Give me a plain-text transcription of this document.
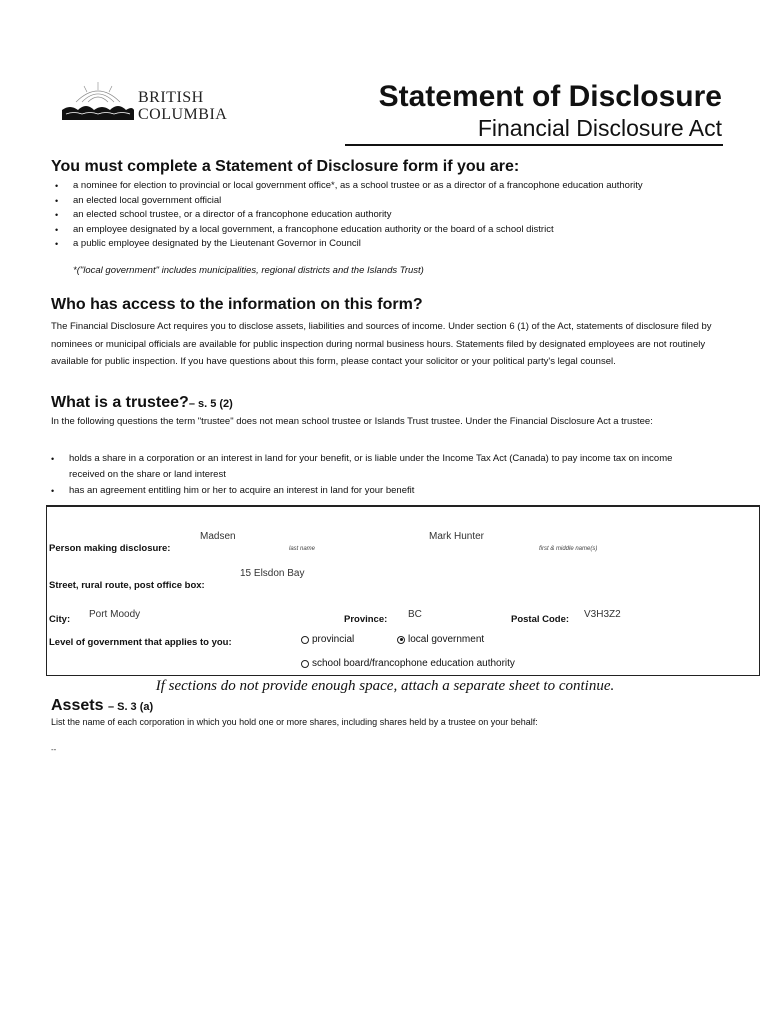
BRITISH
COLUMBIA
Statement of Disclosure
Financial Disclosure Act
You must complete a Statement of Disclosure form if you are:
• a nominee for election to provincial or local government office*, as a school trustee or as a director of a francophone education authority
• an elected local government official
• an elected school trustee, or a director of a francophone education authority
• an employee designated by a local government, a francophone education authority or the board of a school district
• a public employee designated by the Lieutenant Governor in Council
*("local government" includes municipalities, regional districts and the Islands Trust)
Who has access to the information on this form?
The Financial Disclosure Act requires you to disclose assets, liabilities and sources of income. Under section 6 (1) of the Act, statements of disclosure filed by nominees or municipal officials are available for public inspection during normal business hours. Statements filed by designated employees are not routinely available for public inspection. If you have questions about this form, please contact your solicitor or your political party's legal counsel.
What is a trustee?– s. 5 (2)
In the following questions the term "trustee" does not mean school trustee or Islands Trust trustee. Under the Financial Disclosure Act a trustee:
• holds a share in a corporation or an interest in land for your benefit, or is liable under the Income Tax Act (Canada) to pay income tax on income received on the share or land interest
• has an agreement entitling him or her to acquire an interest in land for your benefit
Madsen	Mark Hunter
Person making disclosure:	last name	first & middle name(s)
15 Elsdon Bay
Street, rural route, post office box:
City: Port Moody	Province: BC	Postal Code: V3H3Z2
Level of government that applies to you:	provincial	local government
school board/francophone education authority
If sections do not provide enough space, attach a separate sheet to continue.
Assets – S. 3 (a)
List the name of each corporation in which you hold one or more shares, including shares held by a trustee on your behalf:
--
